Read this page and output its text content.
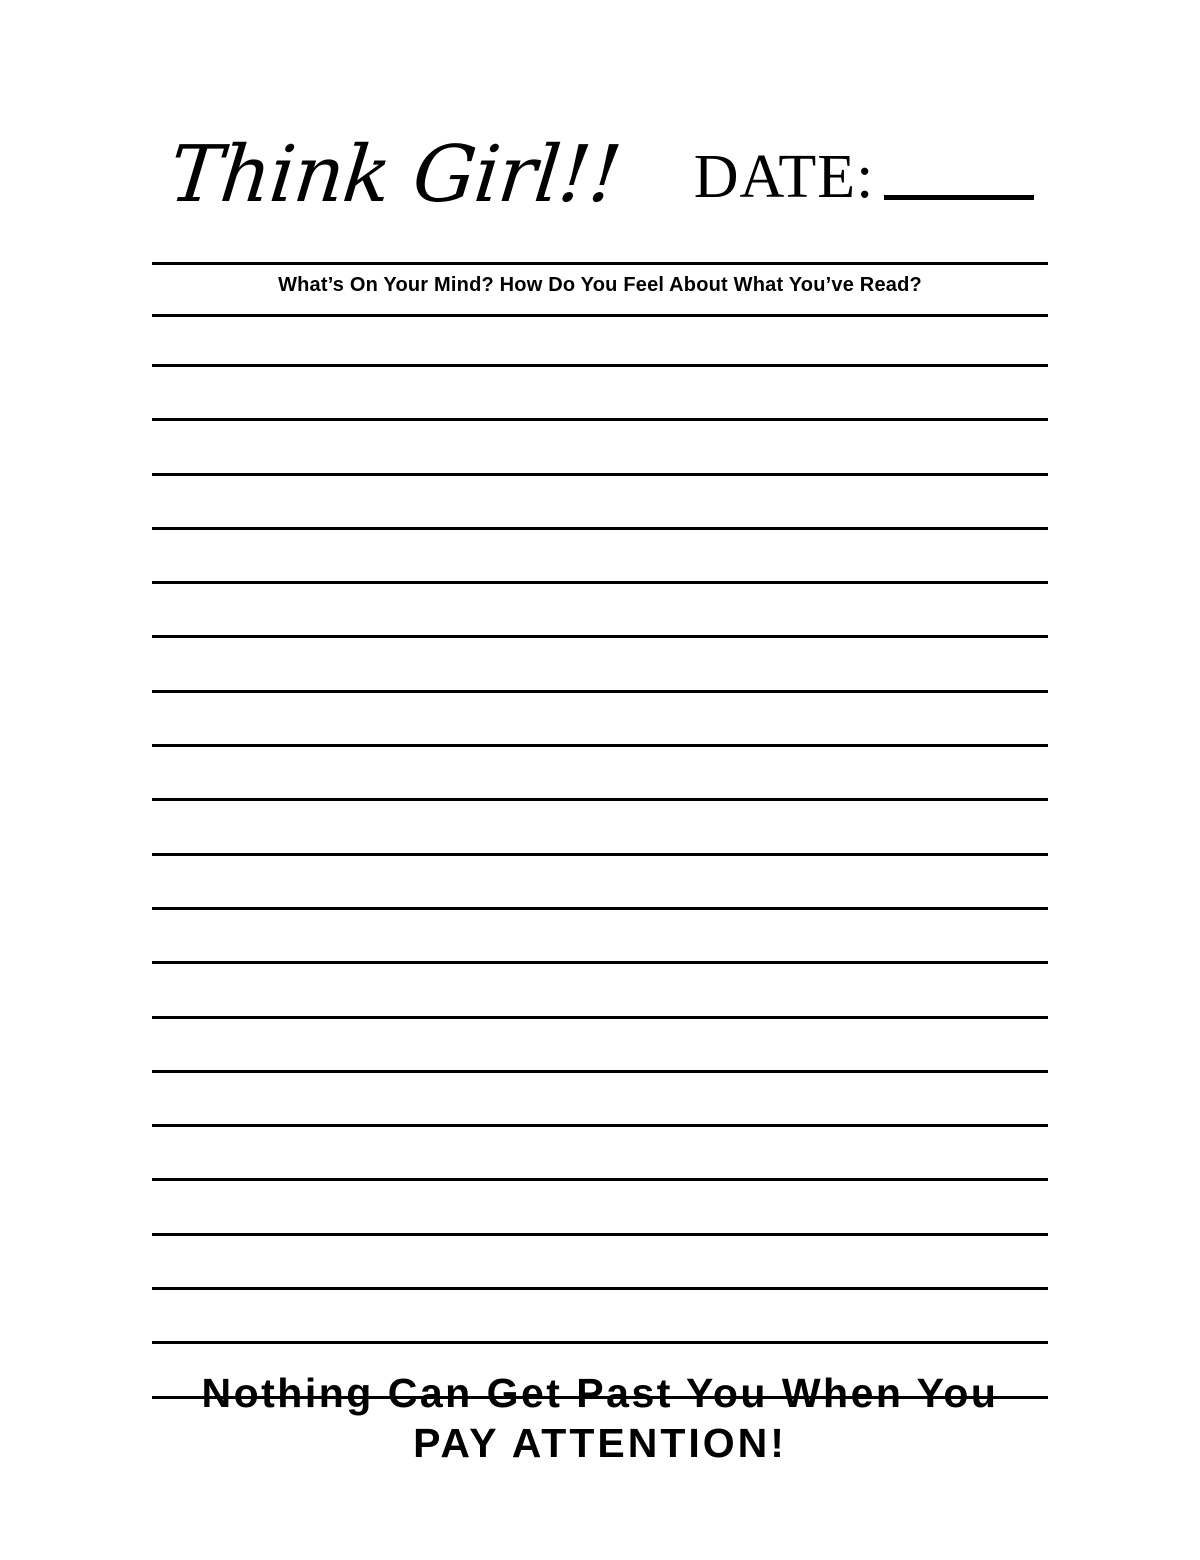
Think Girl!! DATE:
What’s On Your Mind? How Do You Feel About What You’ve Read?
Nothing Can Get Past You When You
PAY ATTENTION!
